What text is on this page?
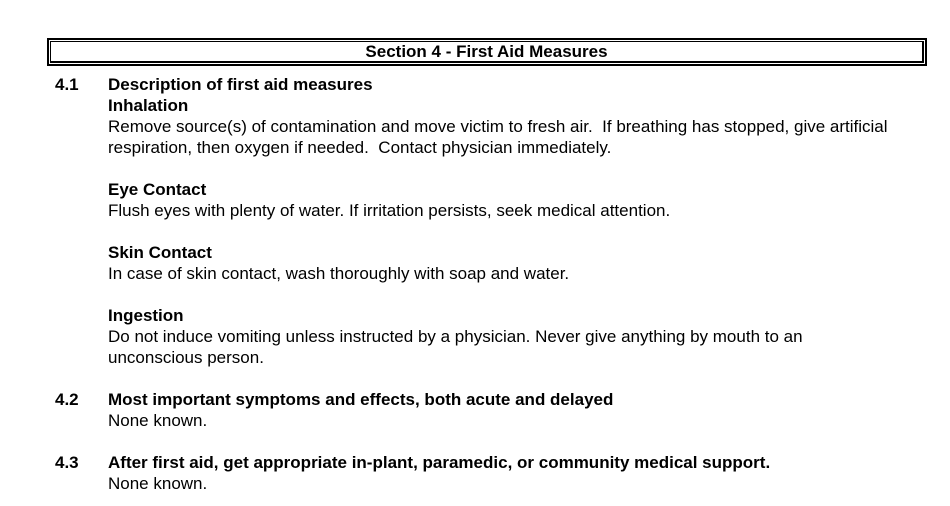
Section 4 - First Aid Measures
4.1	Description of first aid measures
Inhalation
Remove source(s) of contamination and move victim to fresh air.  If breathing has stopped, give artificial respiration, then oxygen if needed.  Contact physician immediately.
Eye Contact
Flush eyes with plenty of water. If irritation persists, seek medical attention.
Skin Contact
In case of skin contact, wash thoroughly with soap and water.
Ingestion
Do not induce vomiting unless instructed by a physician. Never give anything by mouth to an unconscious person.
4.2	Most important symptoms and effects, both acute and delayed
None known.
4.3	After first aid, get appropriate in-plant, paramedic, or community medical support.
None known.
